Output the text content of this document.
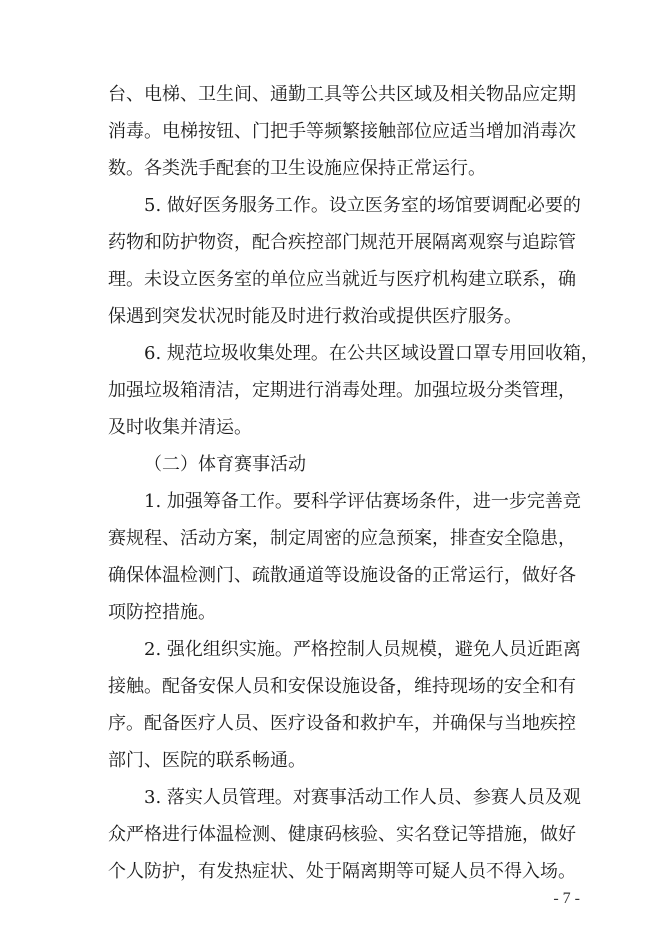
台、电梯、卫生间、通勤工具等公共区域及相关物品应定期
消毒。电梯按钮、门把手等频繁接触部位应适当增加消毒次
数。各类洗手配套的卫生设施应保持正常运行。
5. 做好医务服务工作。设立医务室的场馆要调配必要的
药物和防护物资，配合疾控部门规范开展隔离观察与追踪管
理。未设立医务室的单位应当就近与医疗机构建立联系，确
保遇到突发状况时能及时进行救治或提供医疗服务。
6. 规范垃圾收集处理。在公共区域设置口罩专用回收箱，
加强垃圾箱清洁，定期进行消毒处理。加强垃圾分类管理，
及时收集并清运。
（二）体育赛事活动
1. 加强筹备工作。要科学评估赛场条件，进一步完善竞
赛规程、活动方案，制定周密的应急预案，排查安全隐患，
确保体温检测门、疏散通道等设施设备的正常运行，做好各
项防控措施。
2. 强化组织实施。严格控制人员规模，避免人员近距离
接触。配备安保人员和安保设施设备，维持现场的安全和有
序。配备医疗人员、医疗设备和救护车，并确保与当地疾控
部门、医院的联系畅通。
3. 落实人员管理。对赛事活动工作人员、参赛人员及观
众严格进行体温检测、健康码核验、实名登记等措施，做好
个人防护，有发热症状、处于隔离期等可疑人员不得入场。
- 7 -
